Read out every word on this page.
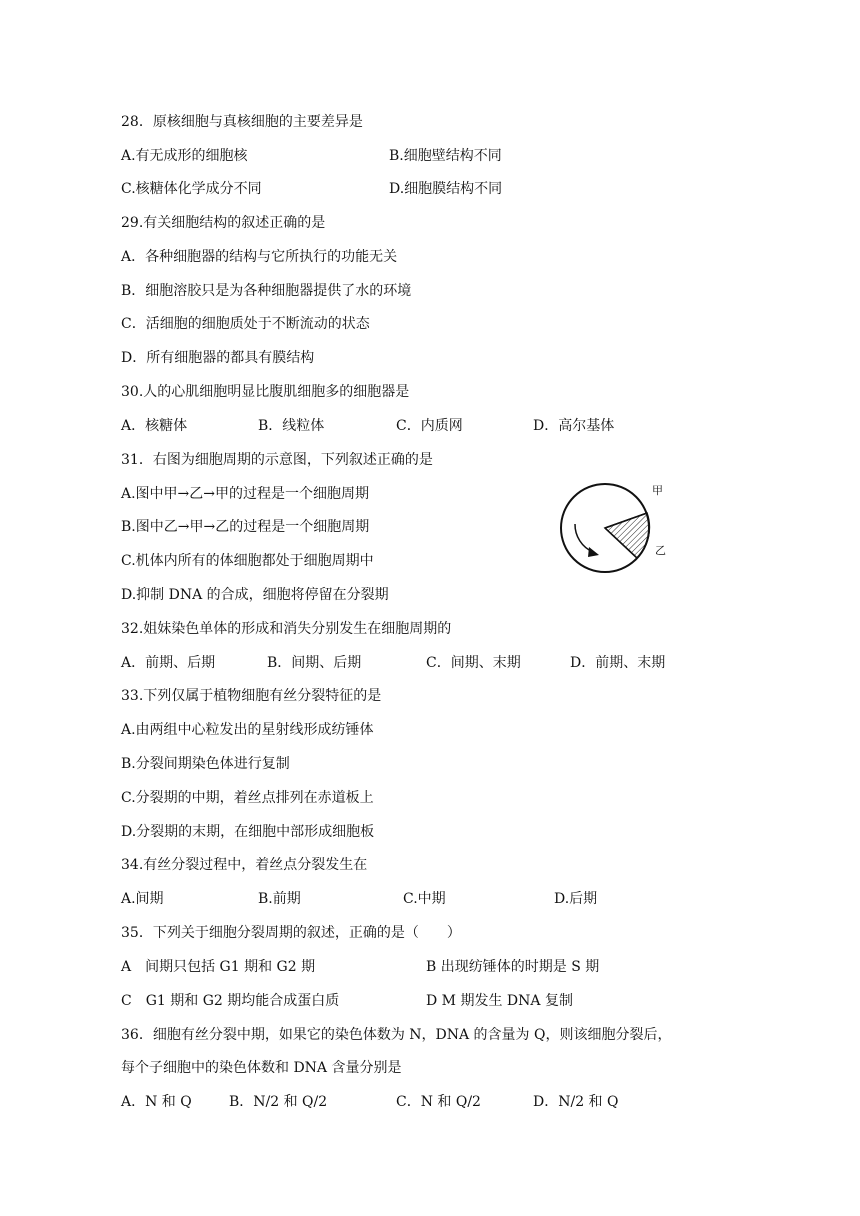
28．原核细胞与真核细胞的主要差异是
A.有无成形的细胞核	B.细胞壁结构不同
C.核糖体化学成分不同	D.细胞膜结构不同
29.有关细胞结构的叙述正确的是
A．各种细胞器的结构与它所执行的功能无关
B．细胞溶胶只是为各种细胞器提供了水的环境
C．活细胞的细胞质处于不断流动的状态
D．所有细胞器的都具有膜结构
30.人的心肌细胞明显比腹肌细胞多的细胞器是
A．核糖体	B．线粒体	C．内质网	D．高尔基体
31．右图为细胞周期的示意图，下列叙述正确的是
A.图中甲→乙→甲的过程是一个细胞周期
B.图中乙→甲→乙的过程是一个细胞周期
C.机体内所有的体细胞都处于细胞周期中
D.抑制 DNA 的合成，细胞将停留在分裂期
甲
乙
32.姐妹染色单体的形成和消失分别发生在细胞周期的
A．前期、后期	B．间期、后期	C．间期、末期	D．前期、末期
33.下列仅属于植物细胞有丝分裂特征的是
A.由两组中心粒发出的星射线形成纺锤体
B.分裂间期染色体进行复制
C.分裂期的中期，着丝点排列在赤道板上
D.分裂期的末期，在细胞中部形成细胞板
34.有丝分裂过程中，着丝点分裂发生在
A.间期	B.前期	C.中期	D.后期
35．下列关于细胞分裂周期的叙述，正确的是（　　）
A　间期只包括 G1 期和 G2 期	B 出现纺锤体的时期是 S 期
C　G1 期和 G2 期均能合成蛋白质	D M 期发生 DNA 复制
36．细胞有丝分裂中期，如果它的染色体数为 N，DNA 的含量为 Q，则该细胞分裂后，
每个子细胞中的染色体数和 DNA 含量分别是
A．N 和 Q	B．N/2 和 Q/2	C．N 和 Q/2	D．N/2 和 Q
